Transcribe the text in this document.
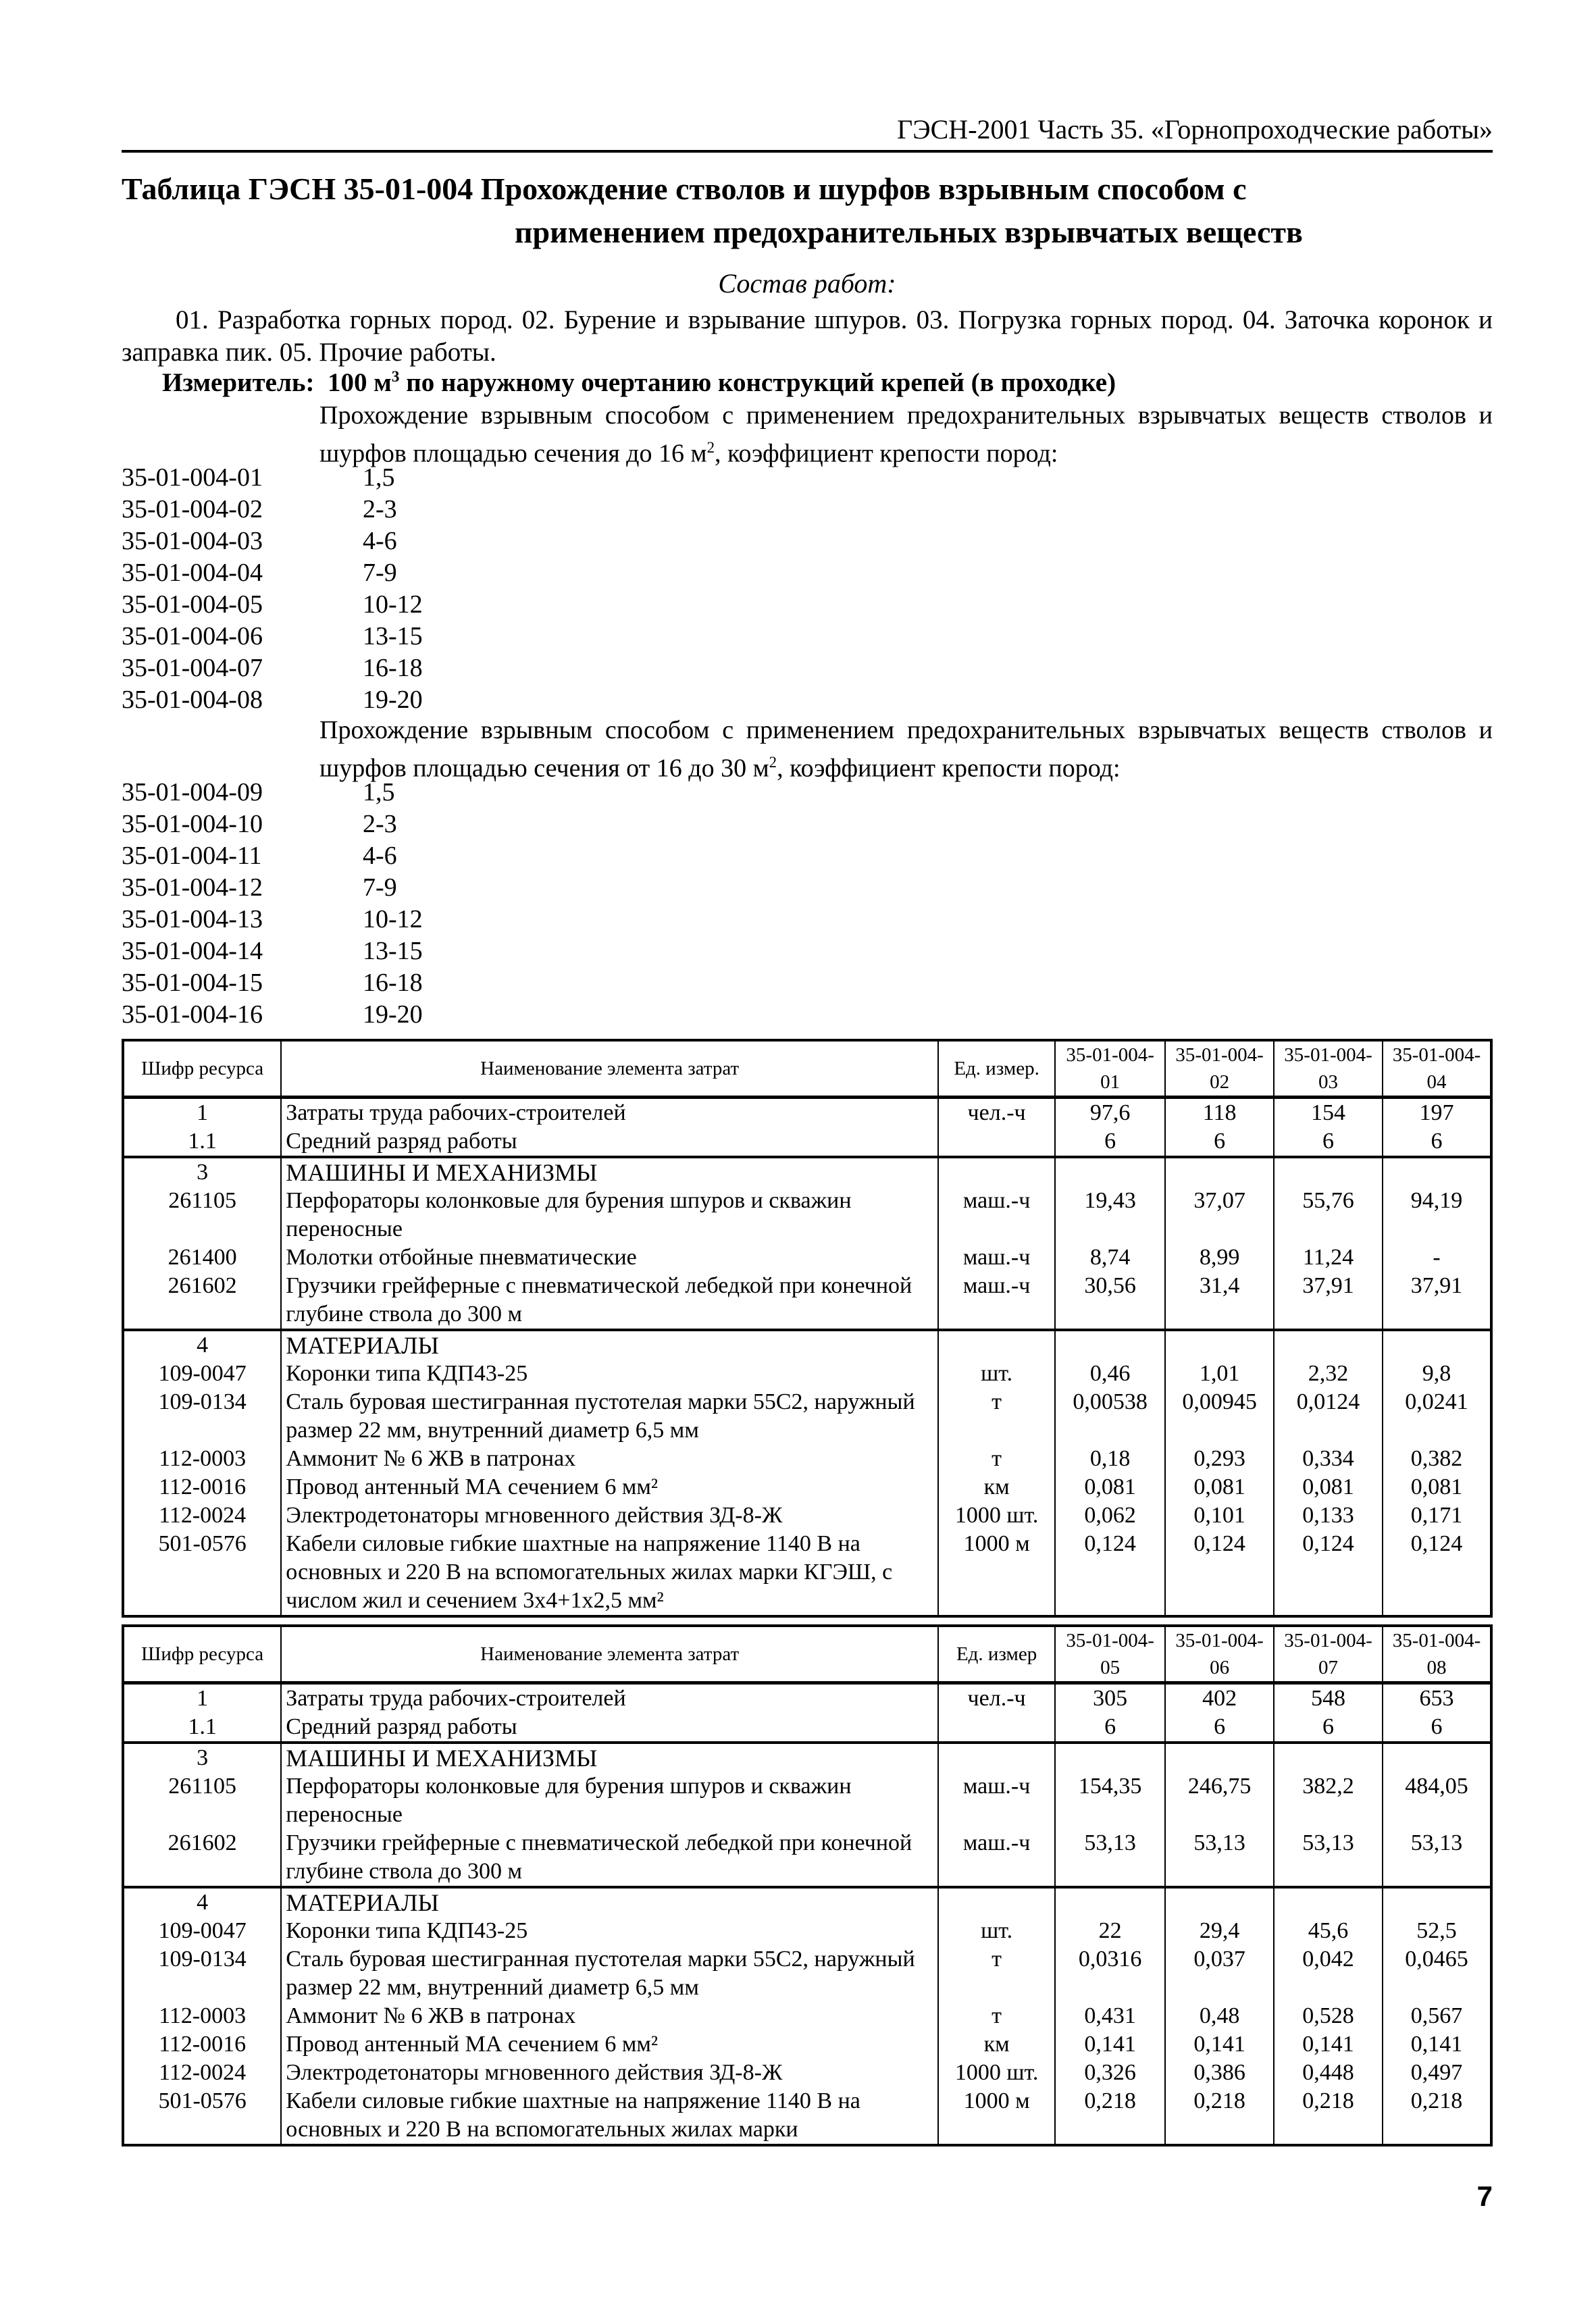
ГЭСН-2001 Часть 35. «Горнопроходческие работы»
Таблица ГЭСН 35-01-004 Прохождение стволов и шурфов взрывным способом с
применением предохранительных взрывчатых веществ
Состав работ:
01. Разработка горных пород. 02. Бурение и взрывание шпуров. 03. Погрузка горных пород. 04. Заточка коронок и заправка пик. 05. Прочие работы.
Измеритель: 100 $м^3$ по наружному очертанию конструкций крепей (в проходке)
Прохождение взрывным способом с применением предохранительных взрывчатых веществ стволов и шурфов площадью сечения до 16 $м^2$, коэффициент крепости пород:
35-01-004-01	1,5
35-01-004-02	2-3
35-01-004-03	4-6
35-01-004-04	7-9
35-01-004-05	10-12
35-01-004-06	13-15
35-01-004-07	16-18
35-01-004-08	19-20
Прохождение взрывным способом с применением предохранительных взрывчатых веществ стволов и шурфов площадью сечения от 16 до 30 $м^2$, коэффициент крепости пород:
35-01-004-09	1,5
35-01-004-10	2-3
35-01-004-11	4-6
35-01-004-12	7-9
35-01-004-13	10-12
35-01-004-14	13-15
35-01-004-15	16-18
35-01-004-16	19-20
Шифр ресурса	Наименование элемента затрат	Ед. измер.	35-01-004-01	35-01-004-02	35-01-004-03	35-01-004-04
1	Затраты труда рабочих-строителей	чел.-ч	97,6	118	154	197
1.1	Средний разряд работы		6	6	6	6
3	МАШИНЫ И МЕХАНИЗМЫ					
261105	Перфораторы колонковые для бурения шпуров и скважин переносные	маш.-ч	19,43	37,07	55,76	94,19
261400	Молотки отбойные пневматические	маш.-ч	8,74	8,99	11,24	-
261602	Грузчики грейферные с пневматической лебедкой при конечной глубине ствола до 300 м	маш.-ч	30,56	31,4	37,91	37,91
4	МАТЕРИАЛЫ					
109-0047	Коронки типа КДП43-25	шт.	0,46	1,01	2,32	9,8
109-0134	Сталь буровая шестигранная пустотелая марки 55С2, наружный размер 22 мм, внутренний диаметр 6,5 мм	т	0,00538	0,00945	0,0124	0,0241
112-0003	Аммонит № 6 ЖВ в патронах	т	0,18	0,293	0,334	0,382
112-0016	Провод антенный МА сечением 6 мм²	км	0,081	0,081	0,081	0,081
112-0024	Электродетонаторы мгновенного действия ЗД-8-Ж	1000 шт.	0,062	0,101	0,133	0,171
501-0576	Кабели силовые гибкие шахтные на напряжение 1140 В на основных и 220 В на вспомогательных жилах марки КГЭШ, с числом жил и сечением 3х4+1х2,5 мм²	1000 м	0,124	0,124	0,124	0,124
Шифр ресурса	Наименование элемента затрат	Ед. измер	35-01-004-05	35-01-004-06	35-01-004-07	35-01-004-08
1	Затраты труда рабочих-строителей	чел.-ч	305	402	548	653
1.1	Средний разряд работы		6	6	6	6
3	МАШИНЫ И МЕХАНИЗМЫ					
261105	Перфораторы колонковые для бурения шпуров и скважин переносные	маш.-ч	154,35	246,75	382,2	484,05
261602	Грузчики грейферные с пневматической лебедкой при конечной глубине ствола до 300 м	маш.-ч	53,13	53,13	53,13	53,13
4	МАТЕРИАЛЫ					
109-0047	Коронки типа КДП43-25	шт.	22	29,4	45,6	52,5
109-0134	Сталь буровая шестигранная пустотелая марки 55С2, наружный размер 22 мм, внутренний диаметр 6,5 мм	т	0,0316	0,037	0,042	0,0465
112-0003	Аммонит № 6 ЖВ в патронах	т	0,431	0,48	0,528	0,567
112-0016	Провод антенный МА сечением 6 мм²	км	0,141	0,141	0,141	0,141
112-0024	Электродетонаторы мгновенного действия ЗД-8-Ж	1000 шт.	0,326	0,386	0,448	0,497
501-0576	Кабели силовые гибкие шахтные на напряжение 1140 В на основных и 220 В на вспомогательных жилах марки	1000 м	0,218	0,218	0,218	0,218
7
